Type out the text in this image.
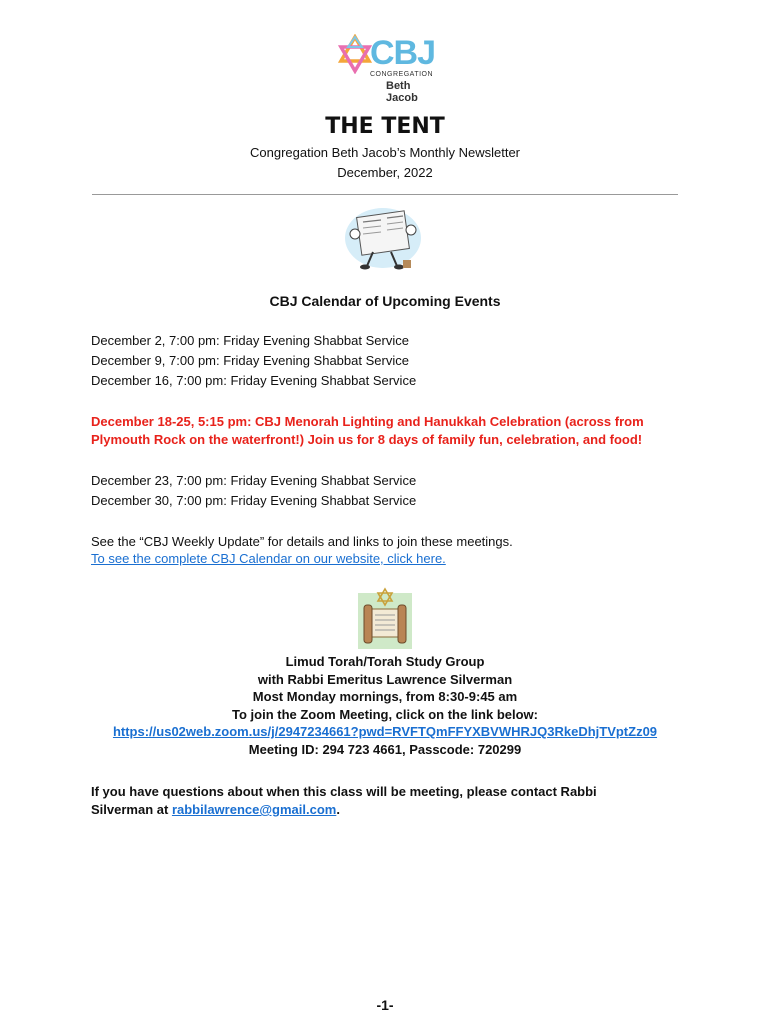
CBJ
CONGREGATION
Beth Jacob
THE TENT
Congregation Beth Jacob’s Monthly Newsletter
December, 2022
CBJ Calendar of Upcoming Events
December 2, 7:00 pm: Friday Evening Shabbat Service
December 9, 7:00 pm: Friday Evening Shabbat Service
December 16, 7:00 pm: Friday Evening Shabbat Service
December 18-25, 5:15 pm: CBJ Menorah Lighting and Hanukkah Celebration (across from
Plymouth Rock on the waterfront!) Join us for 8 days of family fun, celebration, and food!
December 23, 7:00 pm: Friday Evening Shabbat Service
December 30, 7:00 pm: Friday Evening Shabbat Service
See the “CBJ Weekly Update” for details and links to join these meetings.
To see the complete CBJ Calendar on our website, click here.
Limud Torah/Torah Study Group
with Rabbi Emeritus Lawrence Silverman
Most Monday mornings, from 8:30-9:45 am
To join the Zoom Meeting, click on the link below:
https://us02web.zoom.us/j/2947234661?pwd=RVFTQmFFYXBVWHRJQ3RkeDhjTVptZz09
Meeting ID: 294 723 4661, Passcode: 720299
If you have questions about when this class will be meeting, please contact Rabbi
Silverman at rabbilawrence@gmail.com.
-1-
